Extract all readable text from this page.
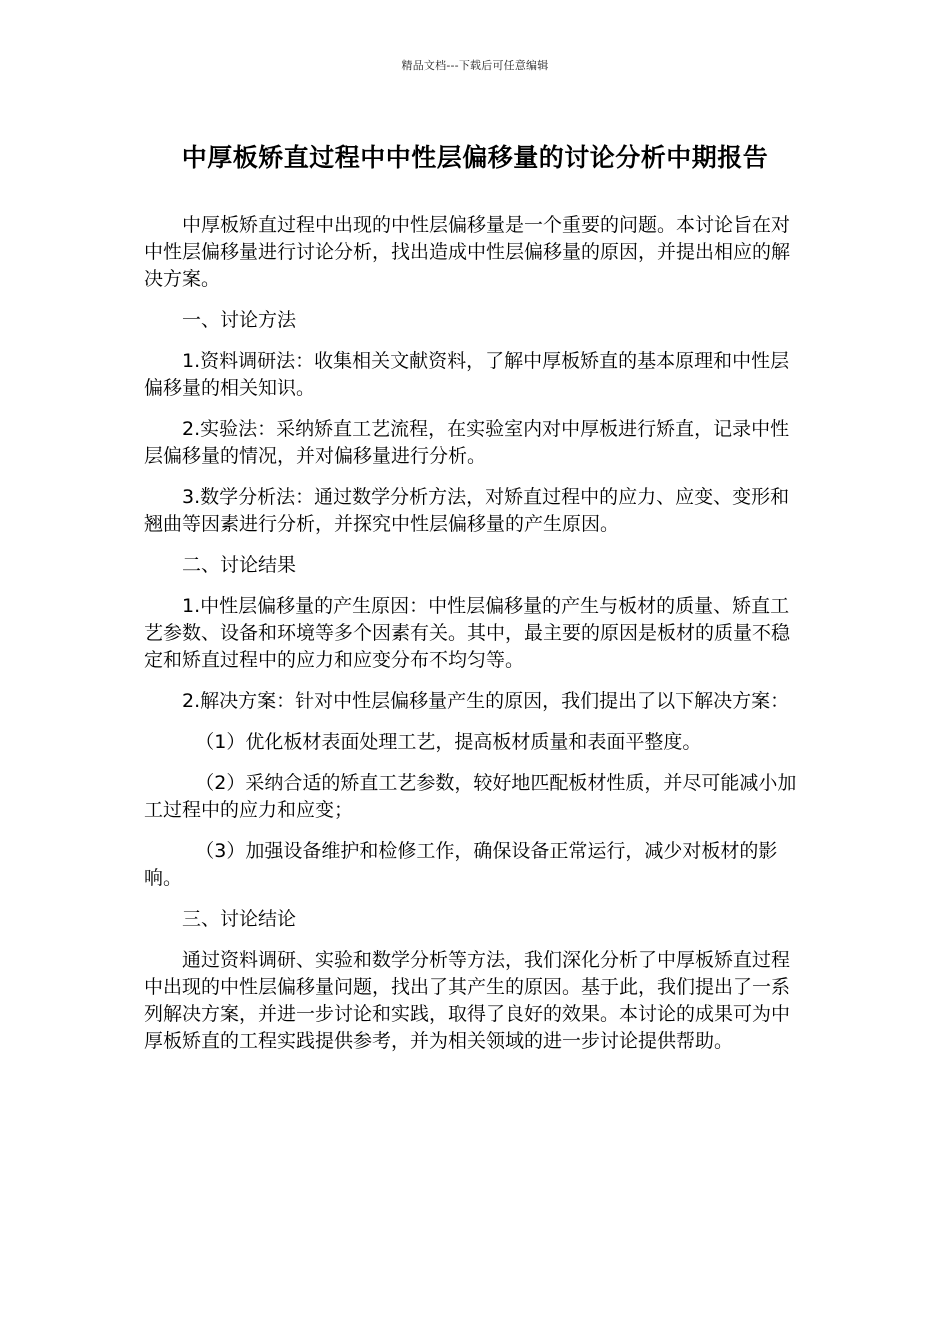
精品文档---下载后可任意编辑
中厚板矫直过程中中性层偏移量的讨论分析中期报告

中厚板矫直过程中出现的中性层偏移量是一个重要的问题。本讨论旨在对中性层偏移量进行讨论分析，找出造成中性层偏移量的原因，并提出相应的解决方案。

一、讨论方法

1.资料调研法：收集相关文献资料，了解中厚板矫直的基本原理和中性层偏移量的相关知识。

2.实验法：采纳矫直工艺流程，在实验室内对中厚板进行矫直，记录中性层偏移量的情况，并对偏移量进行分析。

3.数学分析法：通过数学分析方法，对矫直过程中的应力、应变、变形和翘曲等因素进行分析，并探究中性层偏移量的产生原因。

二、讨论结果

1.中性层偏移量的产生原因：中性层偏移量的产生与板材的质量、矫直工艺参数、设备和环境等多个因素有关。其中，最主要的原因是板材的质量不稳定和矫直过程中的应力和应变分布不均匀等。

2.解决方案：针对中性层偏移量产生的原因，我们提出了以下解决方案：

（1）优化板材表面处理工艺，提高板材质量和表面平整度。

（2）采纳合适的矫直工艺参数，较好地匹配板材性质，并尽可能减小加工过程中的应力和应变；

（3）加强设备维护和检修工作，确保设备正常运行，减少对板材的影响。

三、讨论结论

通过资料调研、实验和数学分析等方法，我们深化分析了中厚板矫直过程中出现的中性层偏移量问题，找出了其产生的原因。基于此，我们提出了一系列解决方案，并进一步讨论和实践，取得了良好的效果。本讨论的成果可为中厚板矫直的工程实践提供参考，并为相关领域的进一步讨论提供帮助。
